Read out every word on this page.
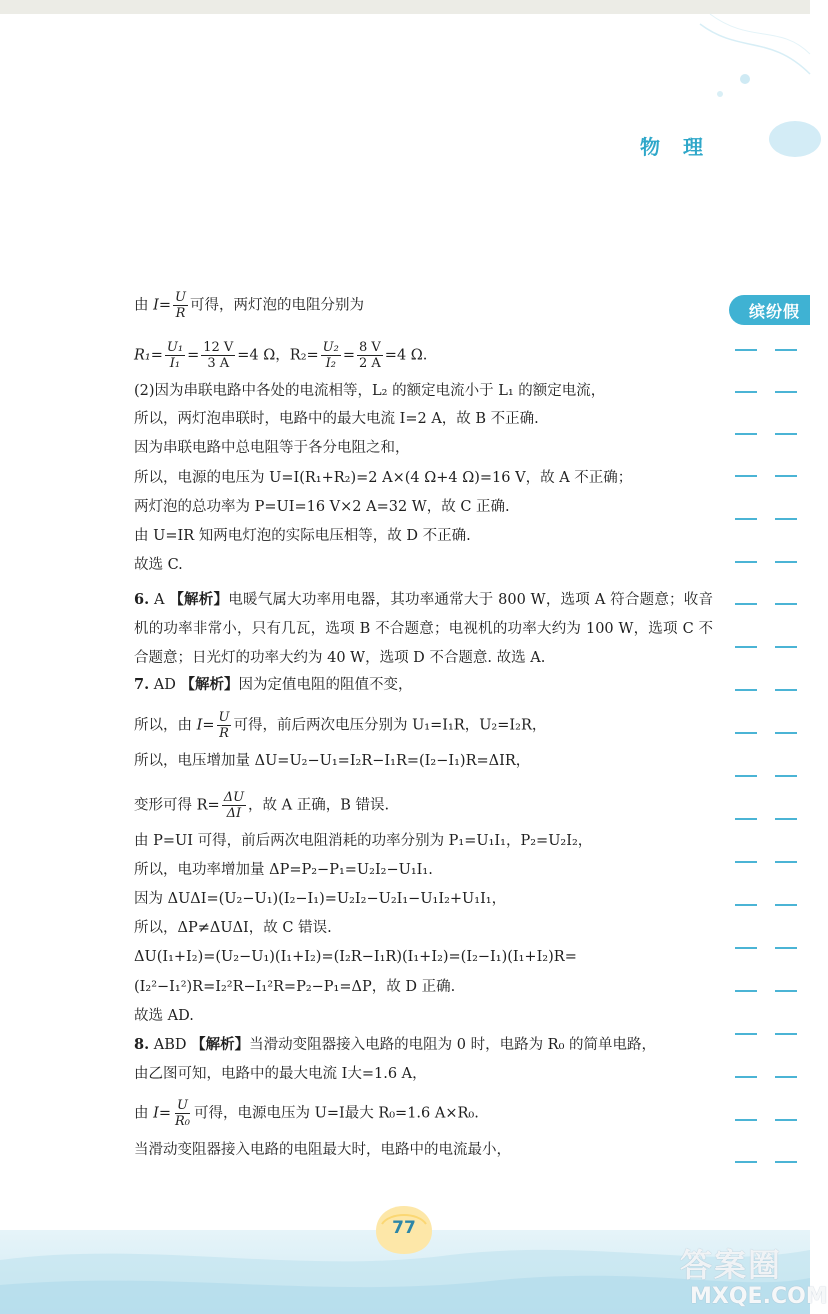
物 理
缤纷假
由 $I= \frac{U}{R}$ 可得，两灯泡的电阻分别为
$R_1= \frac{\text{U₁}}{\text{I₁}} = \frac{12 V}{3 A} =4$ Ω，$R_2= \frac{\text{U₂}}{\text{I₂}} = \frac{8 V}{2 A} =4$ Ω.
(2)因为串联电路中各处的电流相等，L₂ 的额定电流小于 L₁ 的额定电流，
所以，两灯泡串联时，电路中的最大电流 I=2 A，故 B 不正确.
因为串联电路中总电阻等于各分电阻之和，
所以，电源的电压为 U=I(R₁+R₂)=2 A×(4 Ω+4 Ω)=16 V，故 A 不正确；
两灯泡的总功率为 P=UI=16 V×2 A=32 W，故 C 正确.
由 U=IR 知两电灯泡的实际电压相等，故 D 不正确.
故选 C.
6. A 【解析】电暖气属大功率用电器，其功率通常大于 800 W，选项 A 符合题意；收音机的功率非常小，只有几瓦，选项 B 不合题意；电视机的功率大约为 100 W，选项 C 不合题意；日光灯的功率大约为 40 W，选项 D 不合题意. 故选 A.
7. AD 【解析】因为定值电阻的阻值不变，
所以，由 $I= \frac{U}{R}$ 可得，前后两次电压分别为 U₁=I₁R，U₂=I₂R，
所以，电压增加量 ΔU=U₂−U₁=I₂R−I₁R=(I₂−I₁)R=ΔIR，
变形可得 $R= \frac{\Delta U}{\Delta I}$ ，故 A 正确，B 错误.
由 P=UI 可得，前后两次电阻消耗的功率分别为 P₁=U₁I₁，P₂=U₂I₂，
所以，电功率增加量 ΔP=P₂−P₁=U₂I₂−U₁I₁.
因为 ΔUΔI=(U₂−U₁)(I₂−I₁)=U₂I₂−U₂I₁−U₁I₂+U₁I₁，
所以，ΔP≠ΔUΔI，故 C 错误.
ΔU(I₁+I₂)=(U₂−U₁)(I₁+I₂)=(I₂R−I₁R)(I₁+I₂)=(I₂−I₁)(I₁+I₂)R=
(I₂²−I₁²)R=I₂²R−I₁²R=P₂−P₁=ΔP，故 D 正确.
故选 AD.
8. ABD 【解析】当滑动变阻器接入电路的电阻为 0 时，电路为 R₀ 的简单电路，
由乙图可知，电路中的最大电流 I大=1.6 A，
由 $I= \frac{U}{\text{R₀}}$ 可得，电源电压为 U=I最大 R₀=1.6 A×R₀.
当滑动变阻器接入电路的电阻最大时，电路中的电流最小，
77
答案圈
MXQE.COM
